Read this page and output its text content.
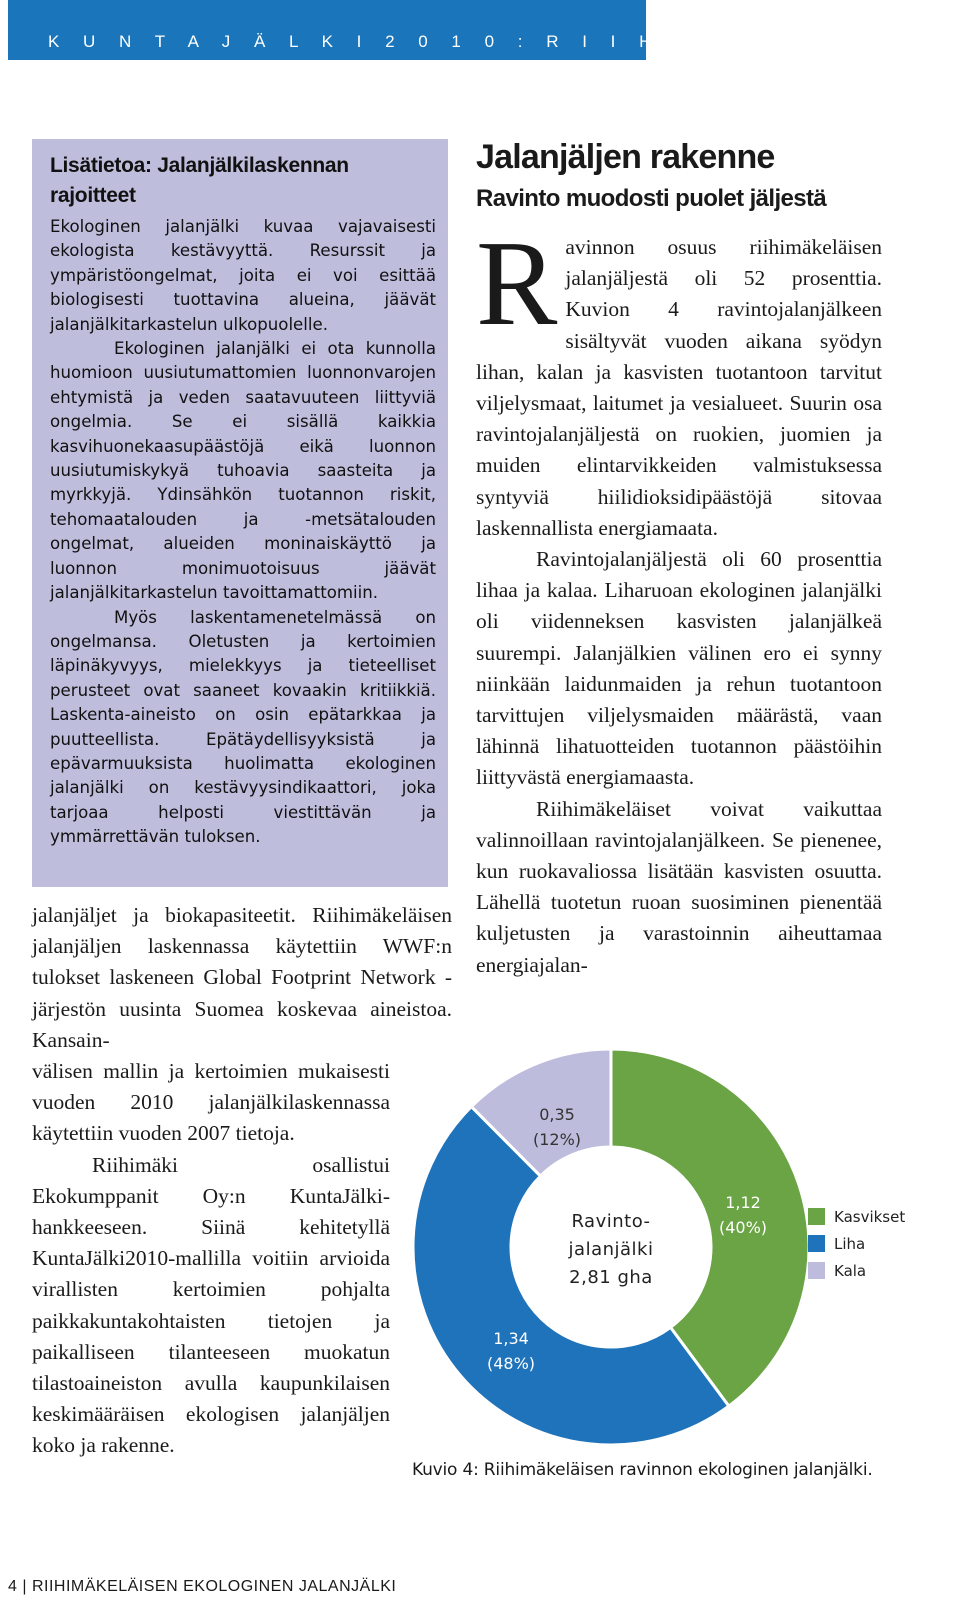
K U N T A J Ä L K I 2 0 1 0 : R I I H I M Ä K I
Lisätietoa: Jalanjälkilaskennan rajoitteet

Ekologinen jalanjälki kuvaa vajavaisesti ekologista kestävyyttä. Resurssit ja ympäristöongelmat, joita ei voi esittää biologisesti tuottavina alueina, jäävät jalanjälkitarkastelun ulkopuolelle.

Ekologinen jalanjälki ei ota kunnolla huomioon uusiutumattomien luonnonvarojen ehtymistä ja veden saatavuuteen liittyviä ongelmia. Se ei sisällä kaikkia kasvihuonekaasupäästöjä eikä luonnon uusiutumiskykyä tuhoavia saasteita ja myrkkyjä. Ydinsähkön tuotannon riskit, tehomaatalouden ja -metsätalouden ongelmat, alueiden moninaiskäyttö ja luonnon monimuotoisuus jäävät jalanjälkitarkastelun tavoittamattomiin.

Myös laskentamenetelmässä on ongelmansa. Oletusten ja kertoimien läpinäkyvyys, mielekkyys ja tieteelliset perusteet ovat saaneet kovaakin kritiikkiä. Laskenta-aineisto on osin epätarkkaa ja puutteellista. Epätäydellisyyksistä ja epävarmuuksista huolimatta ekologinen jalanjälki on kestävyysindikaattori, joka tarjoaa helposti viestittävän ja ymmärrettävän tuloksen.

jalanjäljet ja biokapasiteetit. Riihimäkeläisen jalanjäljen laskennassa käytettiin WWF:n tulokset laskeneen Global Footprint Network -järjestön uusinta Suomea koskevaa aineistoa. Kansain-

välisen mallin ja kertoimien mukaisesti vuoden 2010 jalanjälkilaskennassa käytettiin vuoden 2007 tietoja.

Riihimäki osallistui Ekokumppanit Oy:n KuntaJälki-hankkeeseen. Siinä kehitetyllä KuntaJälki2010-mallilla voitiin arvioida virallisten kertoimien pohjalta paikkakuntakohtaisten tietojen ja paikalliseen tilanteeseen muokatun tilastoaineiston avulla kaupunkilaisen keskimääräisen ekologisen jalanjäljen koko ja rakenne.

Jalanjäljen rakenne
Ravinto muodosti puolet jäljestä

Ravinnon osuus riihimäkeläisen jalanjäljestä oli 52 prosenttia. Kuvion 4 ravintojalanjälkeen sisältyvät vuoden aikana syödyn lihan, kalan ja kasvisten tuotantoon tarvitut viljelysmaat, laitumet ja vesialueet. Suurin osa ravintojalanjäljestä on ruokien, juomien ja muiden elintarvikkeiden valmistuksessa syntyviä hiilidioksidipäästöjä sitovaa laskennallista energiamaata.

Ravintojalanjäljestä oli 60 prosenttia lihaa ja kalaa. Liharuoan ekologinen jalanjälki oli viidenneksen kasvisten jalanjälkeä suurempi. Jalanjälkien välinen ero ei synny niinkään laidunmaiden ja rehun tuotantoon tarvittujen viljelysmaiden määrästä, vaan lähinnä lihatuotteiden tuotannon päästöihin liittyvästä energiamaasta.

Riihimäkeläiset voivat vaikuttaa valinnoillaan ravintojalanjälkeen. Se pienenee, kun ruokavaliossa lisätään kasvisten osuutta. Lähellä tuotetun ruoan suosiminen pienentää kuljetusten ja varastoinnin aiheuttamaa energiajalan-

1,12
(40%)
1,34
(48%)
0,35
(12%)
Ravinto-
jalanjälki
2,81 gha
Kasvikset
Liha
Kala
Kuvio 4: Riihimäkeläisen ravinnon ekologinen jalanjälki.
4 | RIIHIMÄKELÄISEN EKOLOGINEN JALANJÄLKI
